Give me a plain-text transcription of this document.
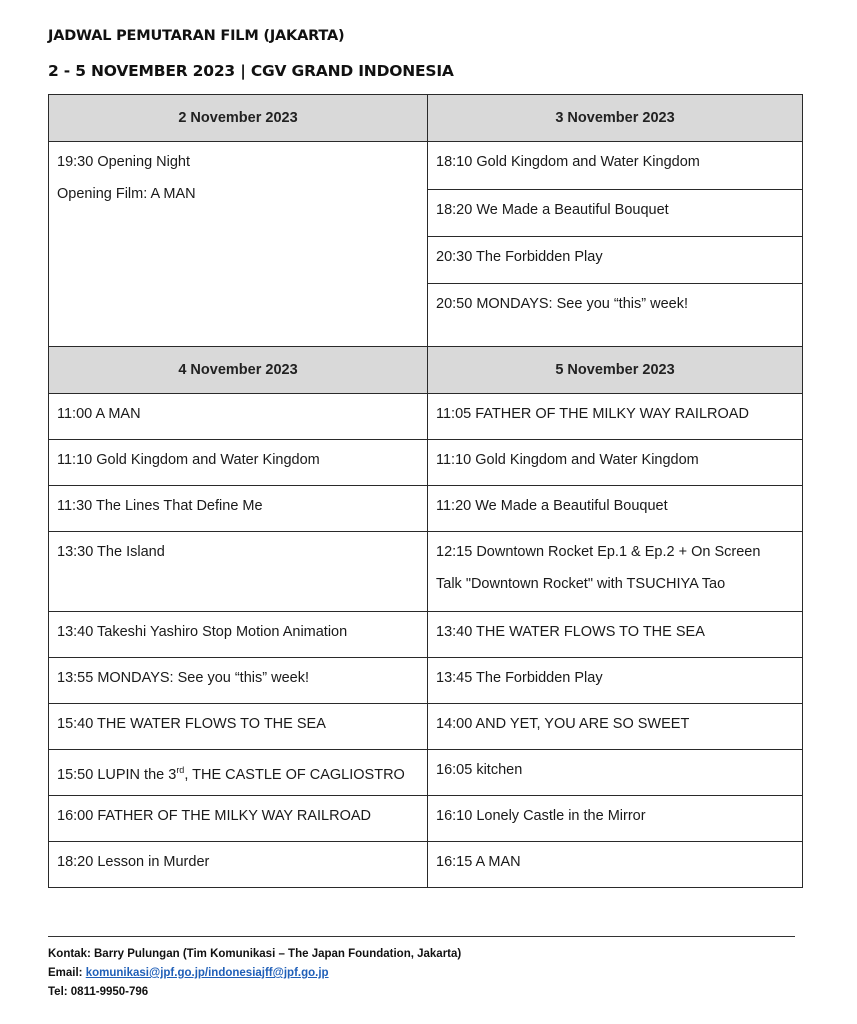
JADWAL PEMUTARAN FILM (JAKARTA)
2 - 5 NOVEMBER 2023 | CGV GRAND INDONESIA
2 November 2023	3 November 2023

19:30 Opening Night
Opening Film: A MAN	18:10 Gold Kingdom and Water Kingdom

	18:20 We Made a Beautiful Bouquet

	20:30 The Forbidden Play

	20:50 MONDAYS: See you “this” week!

4 November 2023	5 November 2023

11:00 A MAN	11:05 FATHER OF THE MILKY WAY RAILROAD

11:10 Gold Kingdom and Water Kingdom	11:10 Gold Kingdom and Water Kingdom

11:30 The Lines That Define Me	11:20 We Made a Beautiful Bouquet

13:30 The Island	12:15 Downtown Rocket Ep.1 & Ep.2 + On Screen
Talk "Downtown Rocket" with TSUCHIYA Tao

13:40 Takeshi Yashiro Stop Motion Animation	13:40 THE WATER FLOWS TO THE SEA

13:55 MONDAYS: See you “this” week!	13:45 The Forbidden Play

15:40 THE WATER FLOWS TO THE SEA	14:00 AND YET, YOU ARE SO SWEET

15:50 LUPIN the 3rd, THE CASTLE OF CAGLIOSTRO	16:05 kitchen

16:00 FATHER OF THE MILKY WAY RAILROAD	16:10 Lonely Castle in the Mirror

18:20 Lesson in Murder	16:15 A MAN
Kontak: Barry Pulungan (Tim Komunikasi – The Japan Foundation, Jakarta)
Email: komunikasi@jpf.go.jp/indonesiajff@jpf.go.jp
Tel: 0811-9950-796
